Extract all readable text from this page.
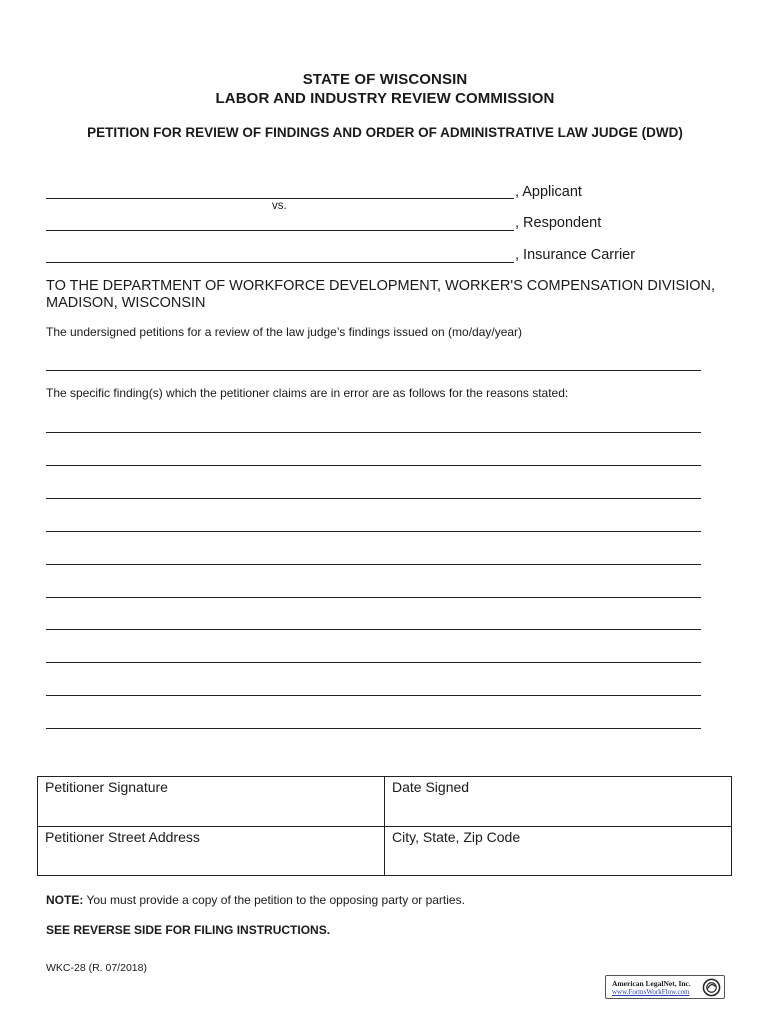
STATE OF WISCONSIN
LABOR AND INDUSTRY REVIEW COMMISSION
PETITION FOR REVIEW OF FINDINGS AND ORDER OF ADMINISTRATIVE LAW JUDGE (DWD)
, Applicant
vs.
, Respondent
, Insurance Carrier
TO THE DEPARTMENT OF WORKFORCE DEVELOPMENT, WORKER'S COMPENSATION DIVISION,
MADISON, WISCONSIN
The undersigned petitions for a review of the law judge’s findings issued on (mo/day/year)
The specific finding(s) which the petitioner claims are in error are as follows for the reasons stated:
Petitioner Signature	Date Signed
Petitioner Street Address	City, State, Zip Code
NOTE: You must provide a copy of the petition to the opposing party or parties.
SEE REVERSE SIDE FOR FILING INSTRUCTIONS.
WKC-28 (R. 07/2018)
American LegalNet, Inc.
www.FormsWorkFlow.com
